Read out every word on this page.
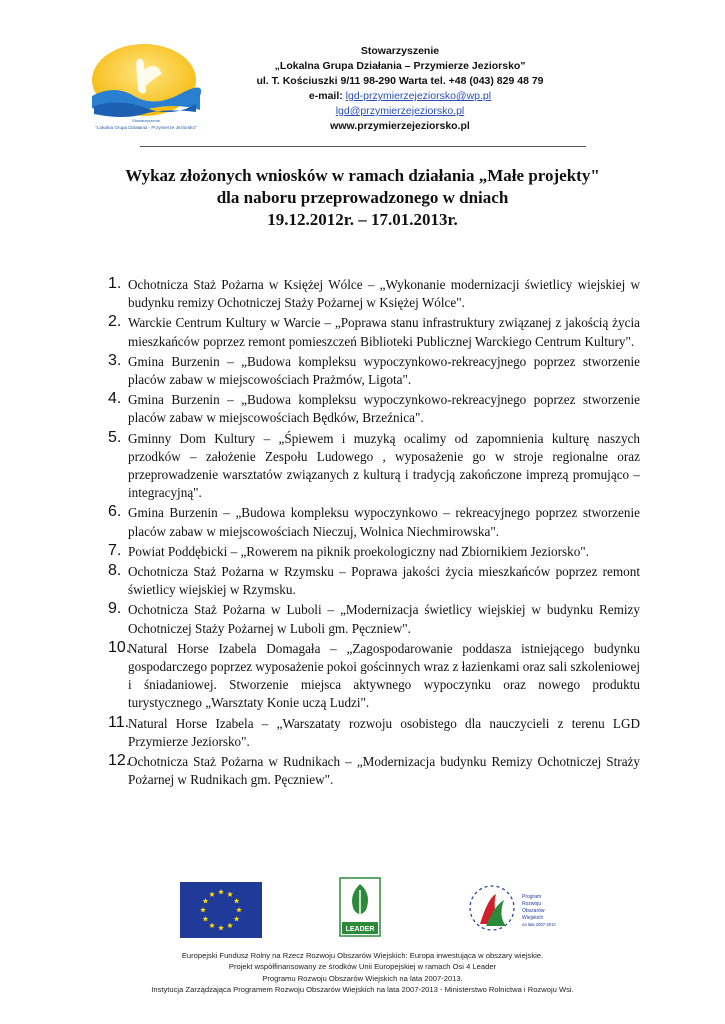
Stowarzyszenie
"Lokalna Grupa Działania - Przymierze Jeziorsko"
Stowarzyszenie
„Lokalna Grupa Działania – Przymierze Jeziorsko"
ul. T. Kościuszki 9/11 98-290 Warta tel. +48 (043) 829 48 79
e-mail: lgd-przymierzejeziorsko@wp.pl
lgd@przymierzejeziorsko.pl
www.przymierzejeziorsko.pl
Wykaz złożonych wniosków w ramach działania „Małe projekty"
dla naboru przeprowadzonego w dniach
19.12.2012r. – 17.01.2013r.
1. Ochotnicza Staż Pożarna w Księżej Wólce – „Wykonanie modernizacji świetlicy wiejskiej w budynku remizy Ochotniczej Staży Pożarnej w Księżej Wólce".
2. Warckie Centrum Kultury w Warcie – „Poprawa stanu infrastruktury związanej z jakością życia mieszkańców poprzez remont pomieszczeń Biblioteki Publicznej Warckiego Centrum Kultury".
3. Gmina Burzenin – „Budowa kompleksu wypoczynkowo-rekreacyjnego poprzez stworzenie placów zabaw w miejscowościach Prażmów, Ligota".
4. Gmina Burzenin – „Budowa kompleksu wypoczynkowo-rekreacyjnego poprzez stworzenie placów zabaw w miejscowościach Będków, Brzeźnica".
5. Gminny Dom Kultury – „Śpiewem i muzyką ocalimy od zapomnienia kulturę naszych przodków – założenie Zespołu Ludowego , wyposażenie go w stroje regionalne oraz przeprowadzenie warsztatów związanych z kulturą i tradycją zakończone imprezą promująco – integracyjną".
6. Gmina Burzenin – „Budowa kompleksu wypoczynkowo – rekreacyjnego poprzez stworzenie placów zabaw w miejscowościach Nieczuj, Wolnica Niechmirowska".
7. Powiat Poddębicki – „Rowerem na piknik proekologiczny nad Zbiornikiem Jeziorsko".
8. Ochotnicza Staż Pożarna w Rzymsku – Poprawa jakości życia mieszkańców poprzez remont świetlicy wiejskiej w Rzymsku.
9. Ochotnicza Staż Pożarna w Luboli – „Modernizacja świetlicy wiejskiej w budynku Remizy Ochotniczej Staży Pożarnej w Luboli gm. Pęczniew".
10.
Natural Horse Izabela Domagała – „Zagospodarowanie poddasza istniejącego budynku gospodarczego poprzez wyposażenie pokoi gościnnych wraz z łazienkami oraz sali szkoleniowej i śniadaniowej. Stworzenie miejsca aktywnego wypoczynku oraz nowego produktu turystycznego „Warsztaty Konie uczą Ludzi".
11.
Natural Horse Izabela – „Warszataty rozwoju osobistego dla nauczycieli z terenu LGD Przymierze Jeziorsko".
12.
Ochotnicza Staż Pożarna w Rudnikach – „Modernizacja budynku Remizy Ochotniczej Straży Pożarnej w Rudnikach gm. Pęczniew".
LEADER
Program
Rozwoju
Obszarów
Wiejskich
na lata 2007-2013
Europejski Fundusz Rolny na Rzecz Rozwoju Obszarów Wiejskich: Europa inwestująca w obszary wiejskie.
Projekt współfinansowany ze środków Unii Europejskiej w ramach Osi 4 Leader
Programu Rozwoju Obszarów Wiejskich na lata 2007-2013.
Instytucja Zarządzająca Programem Rozwoju Obszarów Wiejskich na lata 2007-2013 - Ministerstwo Rolnictwa i Rozwoju Wsi.
